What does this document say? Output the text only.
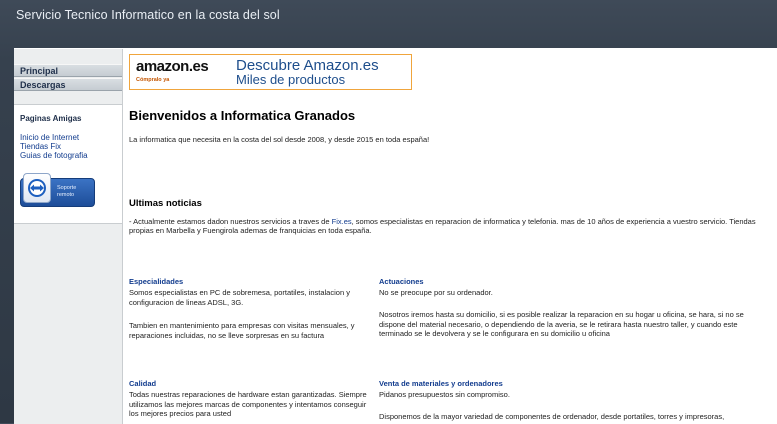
Servicio Tecnico Informatico en la costa del sol
Principal
Descargas
Paginas Amigas
Inicio de Internet
Tiendas Fix
Guias de fotografia
Soporte remoto
amazon.es
Cómpralo ya
Descubre Amazon.es
Miles de productos
Bienvenidos a Informatica Granados
La informatica que necesita en la costa del sol desde 2008, y desde 2015 en toda españa!
Ultimas noticias
- Actualmente estamos dadon nuestros servicios a traves de Fix.es, somos especialistas en reparacion de informatica y telefonia. mas de 10 años de experiencia a vuestro servicio. Tiendas propias en Marbella y Fuengirola ademas de franquicias en toda españa.
Especialidades
Somos especialistas en PC de sobremesa, portatiles, instalacion y configuracion de lineas ADSL, 3G.
Tambien en mantenimiento para empresas con visitas mensuales, y reparaciones incluidas, no se lleve sorpresas en su factura
Actuaciones
No se preocupe por su ordenador.
Nosotros iremos hasta su domicilio, si es posible realizar la reparacion en su hogar u oficina, se hara, si no se dispone del material necesario, o dependiendo de la averia, se le retirara hasta nuestro taller, y cuando este terminado se le devolvera y se le configurara en su domicilio u oficina
Calidad
Todas nuestras reparaciones de hardware estan garantizadas. Siempre utilizamos las mejores marcas de componentes y intentamos conseguir los mejores precios para usted
Venta de materiales y ordenadores
Pidanos presupuestos sin compromiso.
Disponemos de la mayor variedad de componentes de ordenador, desde portatiles, torres y impresoras,
